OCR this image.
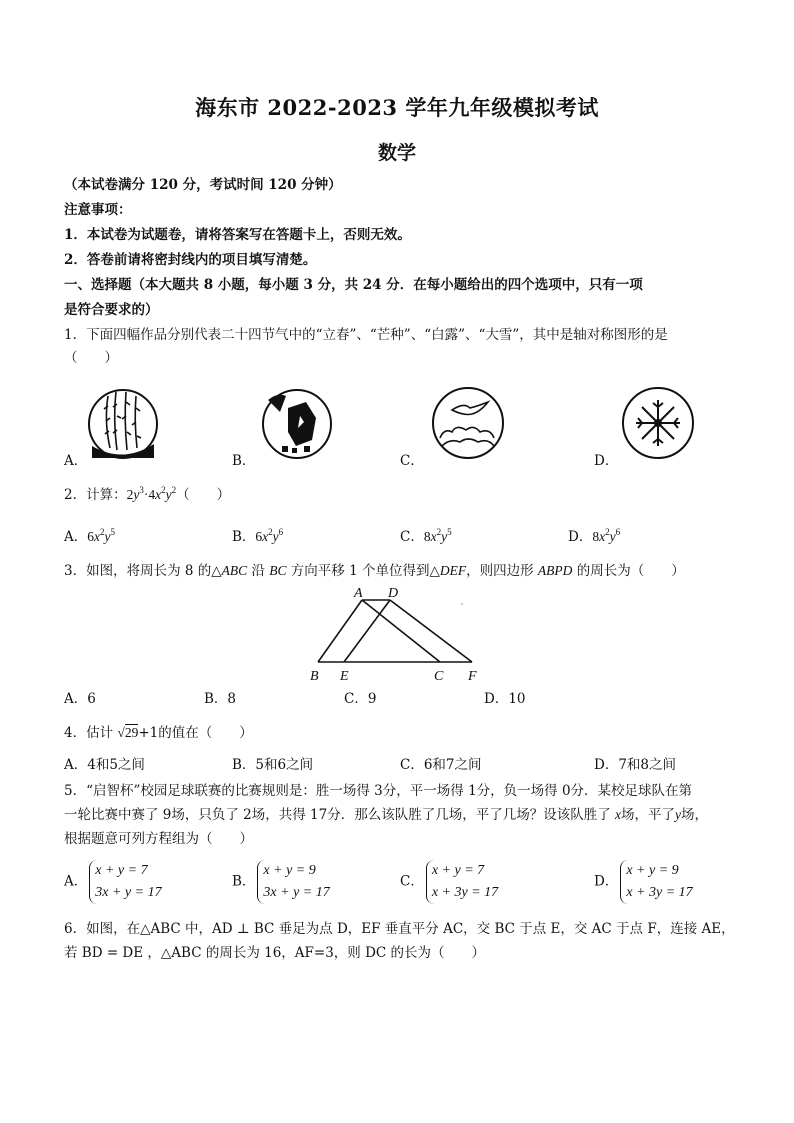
海东市 2022-2023 学年九年级模拟考试
数学
（本试卷满分 120 分，考试时间 120 分钟）
注意事项：
1．本试卷为试题卷，请将答案写在答题卡上，否则无效。
2．答卷前请将密封线内的项目填写清楚。
一、选择题（本大题共 8 小题，每小题 3 分，共 24 分．在每小题给出的四个选项中，只有一项
是符合要求的）
1．下面四幅作品分别代表二十四节气中的“立春”、“芒种”、“白露”、“大雪”，其中是轴对称图形的是
（　　）
A．	B．	C．	D．
2．计算：$2y^3\cdot 4x^2y^2$（　　）
A．$6x^2y^5$	B．$6x^2y^6$	C．$8x^2y^5$	D．$8x^2y^6$
3．如图，将周长为 8 的△ABC 沿 BC 方向平移 1 个单位得到△DEF，则四边形 ABPD 的周长为（　　）
A D
B E	C F
A．6	B．8	C．9	D．10
4．估计 √29+1的值在（　　）
A．4和5之间	B．5和6之间	C．6和7之间	D．7和8之间
5．“启智杯”校园足球联赛的比赛规则是：胜一场得 3分，平一场得 1分，负一场得 0分．某校足球队在第
一轮比赛中赛了 9场，只负了 2场，共得 17分．那么该队胜了几场，平了几场？设该队胜了 x场，平了y场，
根据题意可列方程组为（　　）
A．
x + y = 7
3x + y = 17
B．
x + y = 9
3x + y = 17
C．
x + y = 7
x + 3y = 17
D．
x + y = 9
x + 3y = 17
6．如图，在△ABC 中，AD ⊥ BC 垂足为点 D，EF 垂直平分 AC，交 BC 于点 E，交 AC 于点 F，连接 AE，
若 BD = DE ，△ABC 的周长为 16，AF=3，则 DC 的长为（　　）
